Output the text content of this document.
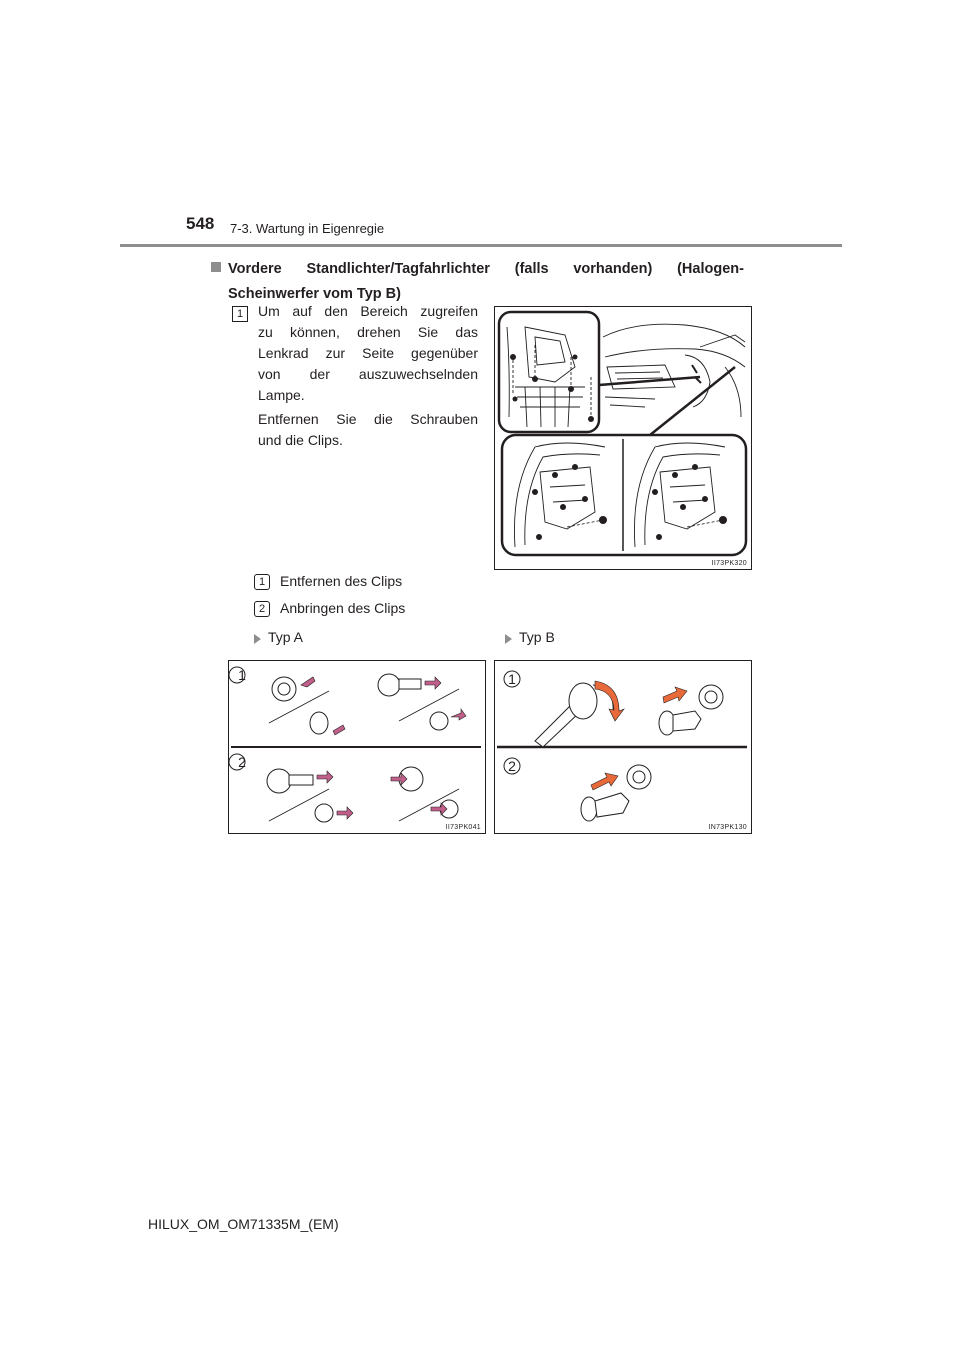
548 7-3. Wartung in Eigenregie
Vordere Standlichter/Tagfahrlichter (falls vorhanden) (Halogen-
Scheinwerfer vom Typ B)
1	Um auf den Bereich zugreifen
zu können, drehen Sie das
Lenkrad zur Seite gegenüber
von der auszuwechselnden
Lampe.
Entfernen Sie die Schrauben
und die Clips.
II73PK320
1	Entfernen des Clips
2	Anbringen des Clips
Typ A	Typ B
1
2
II73PK041
1
2
IN73PK130
HILUX_OM_OM71335M_(EM)
